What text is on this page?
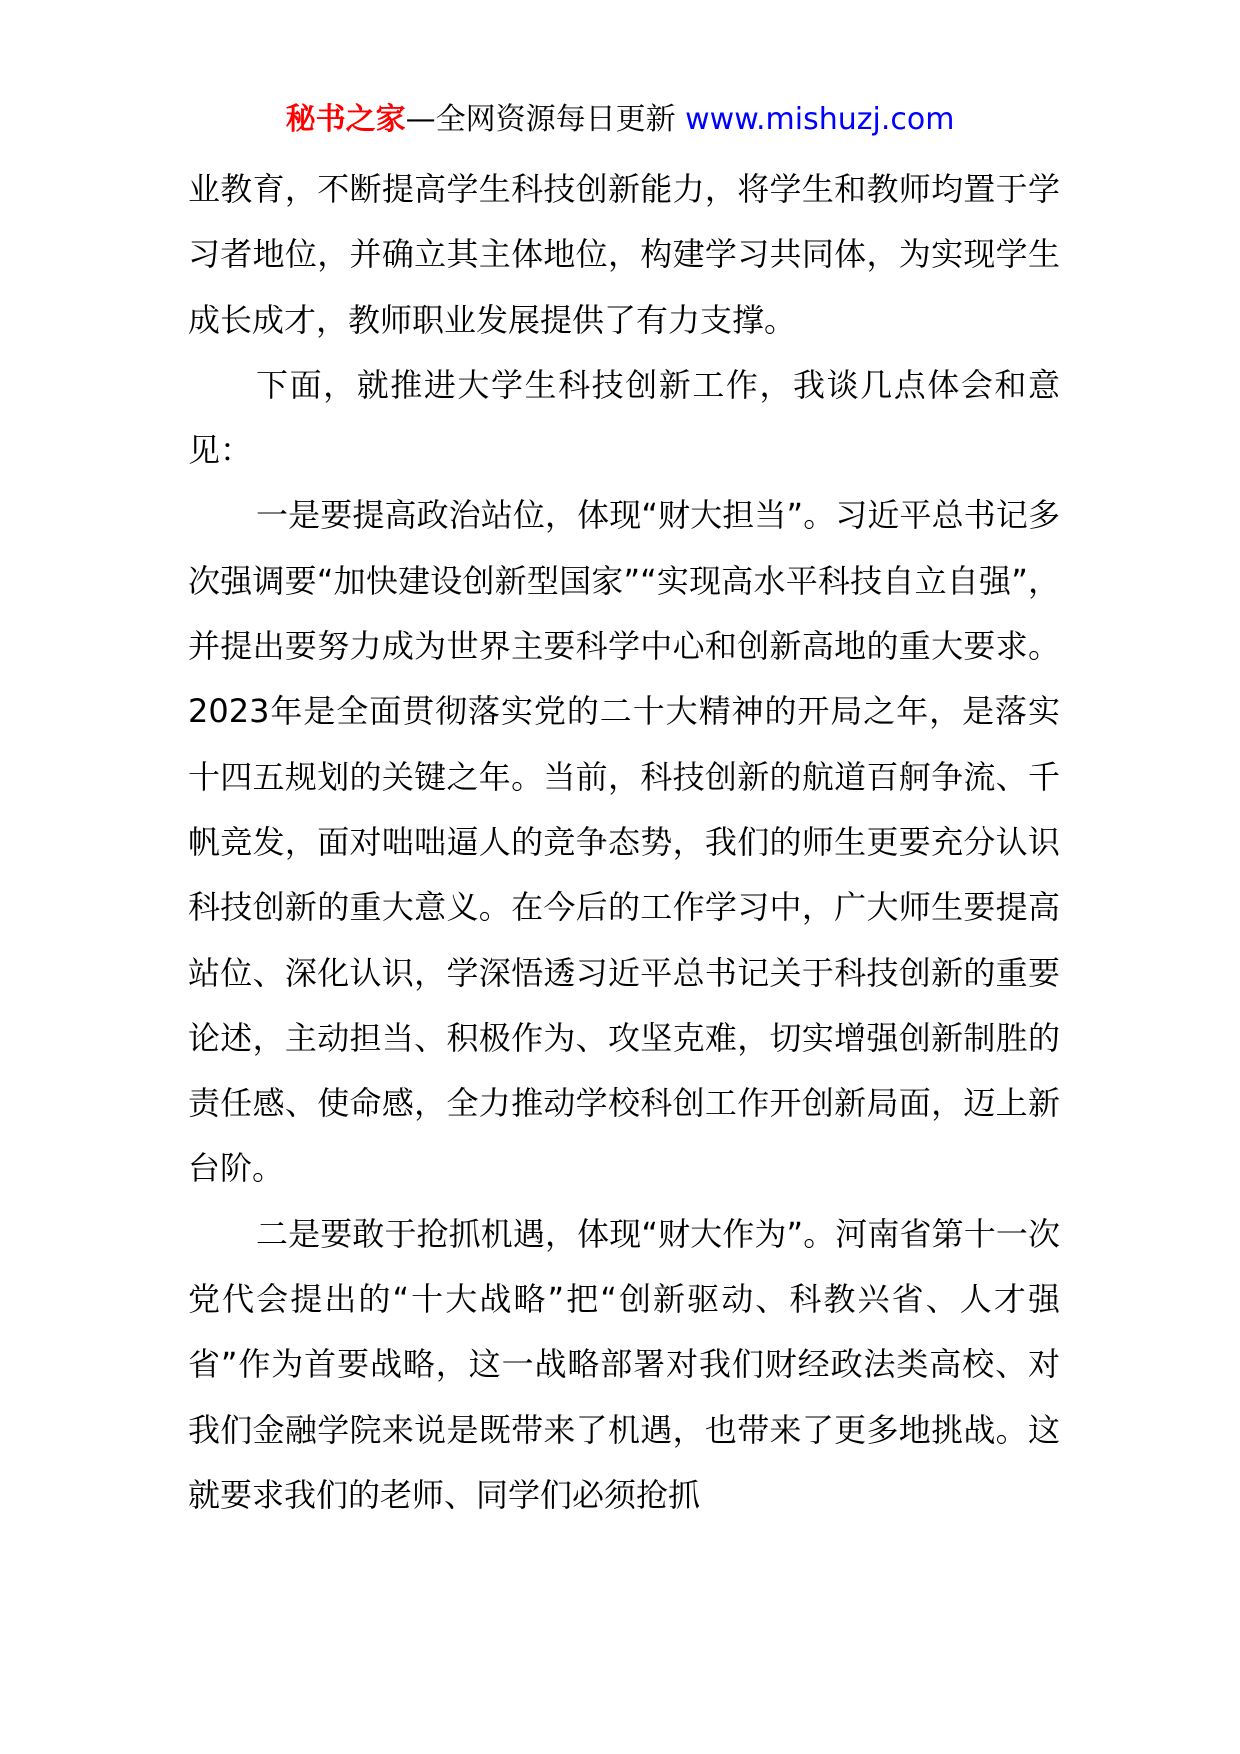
秘书之家—全网资源每日更新 www.mishuzj.com

业教育，不断提高学生科技创新能力，将学生和教师均置于学习者地位，并确立其主体地位，构建学习共同体，为实现学生成长成才，教师职业发展提供了有力支撑。

下面，就推进大学生科技创新工作，我谈几点体会和意见：

一是要提高政治站位，体现“财大担当”。习近平总书记多次强调要“加快建设创新型国家”“实现高水平科技自立自强”，并提出要努力成为世界主要科学中心和创新高地的重大要求。2023年是全面贯彻落实党的二十大精神的开局之年，是落实十四五规划的关键之年。当前，科技创新的航道百舸争流、千帆竞发，面对咄咄逼人的竞争态势，我们的师生更要充分认识科技创新的重大意义。在今后的工作学习中，广大师生要提高站位、深化认识，学深悟透习近平总书记关于科技创新的重要论述，主动担当、积极作为、攻坚克难，切实增强创新制胜的责任感、使命感，全力推动学校科创工作开创新局面，迈上新台阶。

二是要敢于抢抓机遇，体现“财大作为”。河南省第十一次党代会提出的“十大战略”把“创新驱动、科教兴省、人才强省”作为首要战略，这一战略部署对我们财经政法类高校、对我们金融学院来说是既带来了机遇，也带来了更多地挑战。这就要求我们的老师、同学们必须抢抓
